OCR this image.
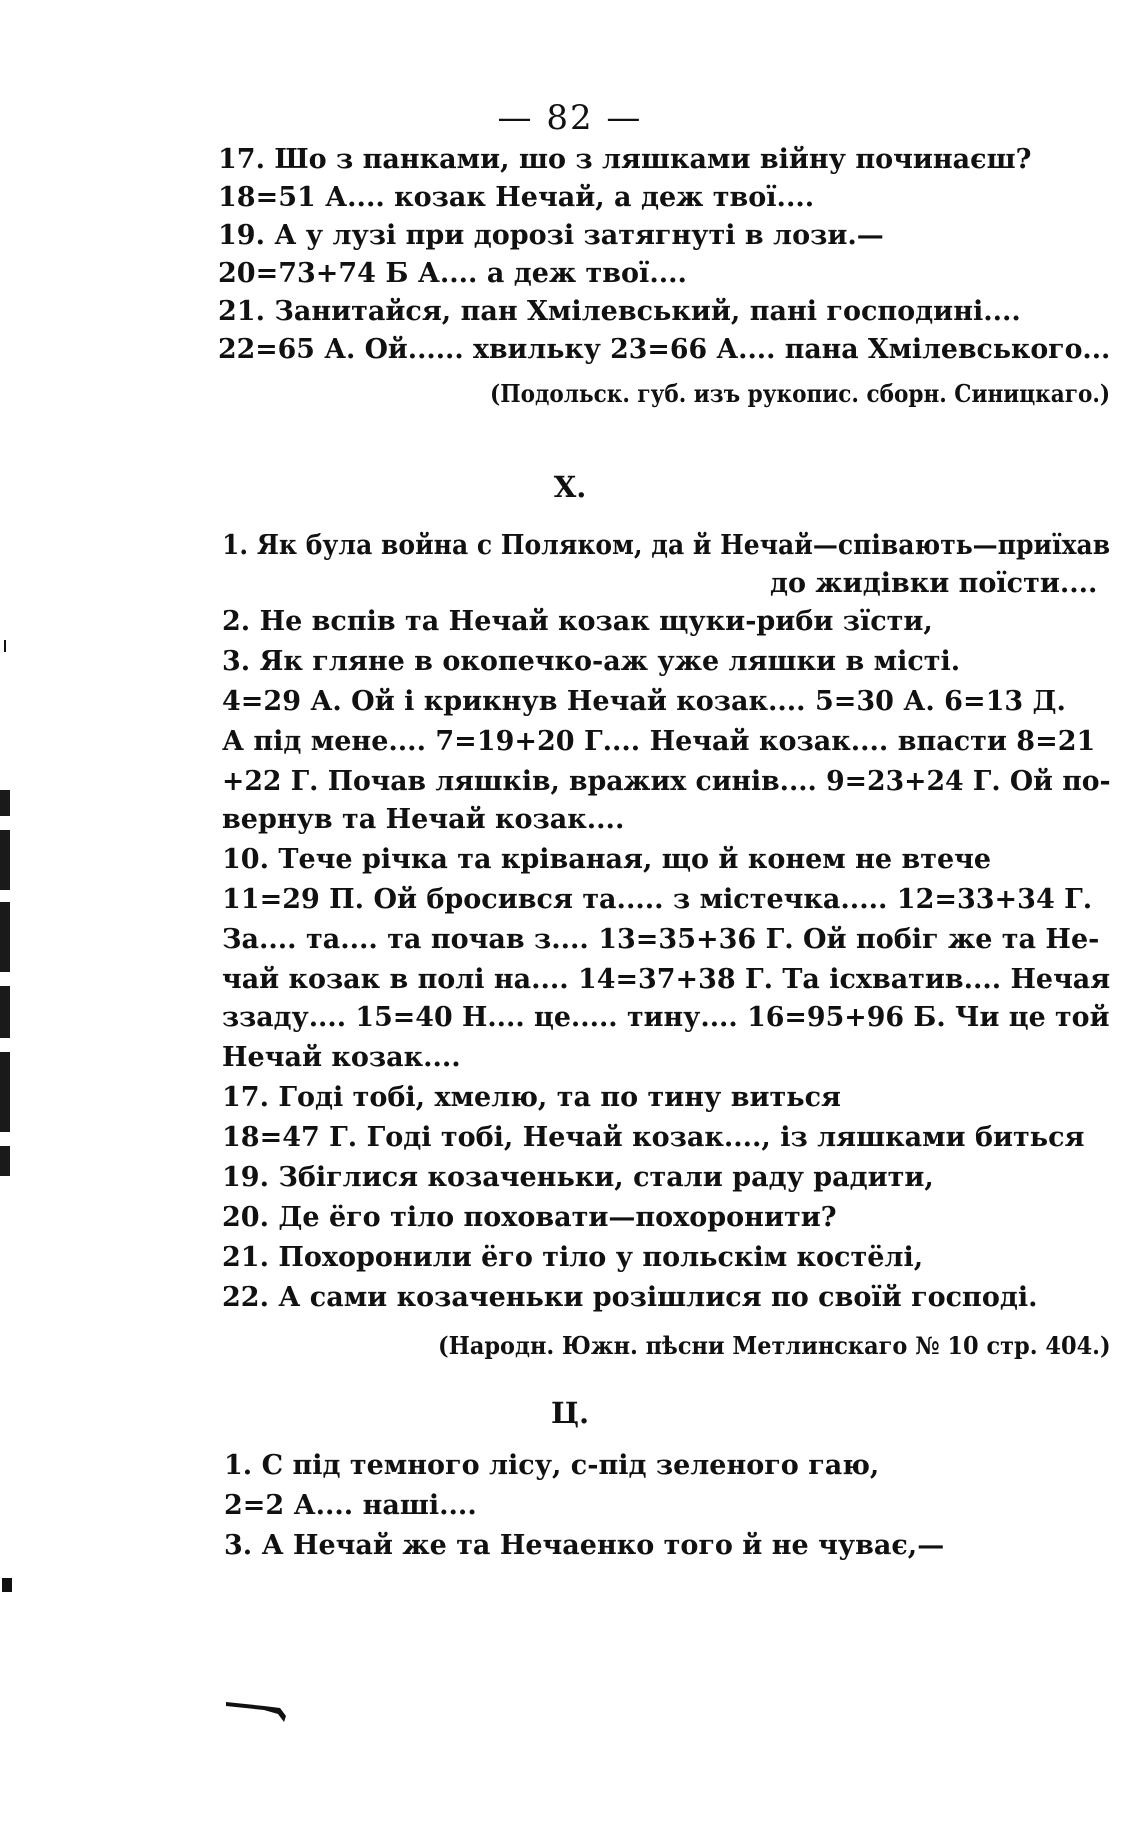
— 82 —
17. Шо з панками, шо з ляшками війну починаєш?
18=51 А.... козак Нечай, а деж твої....
19. А у лузі при дорозі затягнуті в лози.—
20=73+74 Б А.... а деж твої....
21. Занитайся, пан Хмілевський, пані господині....
22=65 А. Ой...... хвильку 23=66 А.... пана Хмілевського...
(Подольск. губ. изъ рукопис. сборн. Синицкаго.)
Х.
1. Як була война с Поляком, да й Нечай—співають—приїхав
до жидівки поїсти....
2. Не вспів та Нечай козак щуки-риби зїсти,
3. Як гляне в окопечко-аж уже ляшки в місті.
4=29 А. Ой і крикнув Нечай козак.... 5=30 А. 6=13 Д.
А під мене.... 7=19+20 Г.... Нечай козак.... впасти 8=21
+22 Г. Почав ляшків, вражих синів.... 9=23+24 Г. Ой по-
вернув та Нечай козак....
10. Тече річка та кріваная, що й конем не втече
11=29 П. Ой бросився та..... з містечка..... 12=33+34 Г.
За.... та.... та почав з.... 13=35+36 Г. Ой побіг же та Не-
чай козак в полі на.... 14=37+38 Г. Та ісхватив.... Нечая
ззаду.... 15=40 Н.... це..... тину.... 16=95+96 Б. Чи це той
Нечай козак....
17. Годі тобі, хмелю, та по тину виться
18=47 Г. Годі тобі, Нечай козак...., із ляшками биться
19. Збіглися козаченьки, стали раду радити,
20. Де ёго тіло поховати—похоронити?
21. Похоронили ёго тіло у польскім костёлі,
22. А сами козаченьки розішлися по своїй господі.
(Народн. Южн. пѣсни Метлинскаго № 10 стр. 404.)
Ц.
1. С під темного лісу, с-під зеленого гаю,
2=2 А.... наші....
3. А Нечай же та Нечаенко того й не чуває,—
